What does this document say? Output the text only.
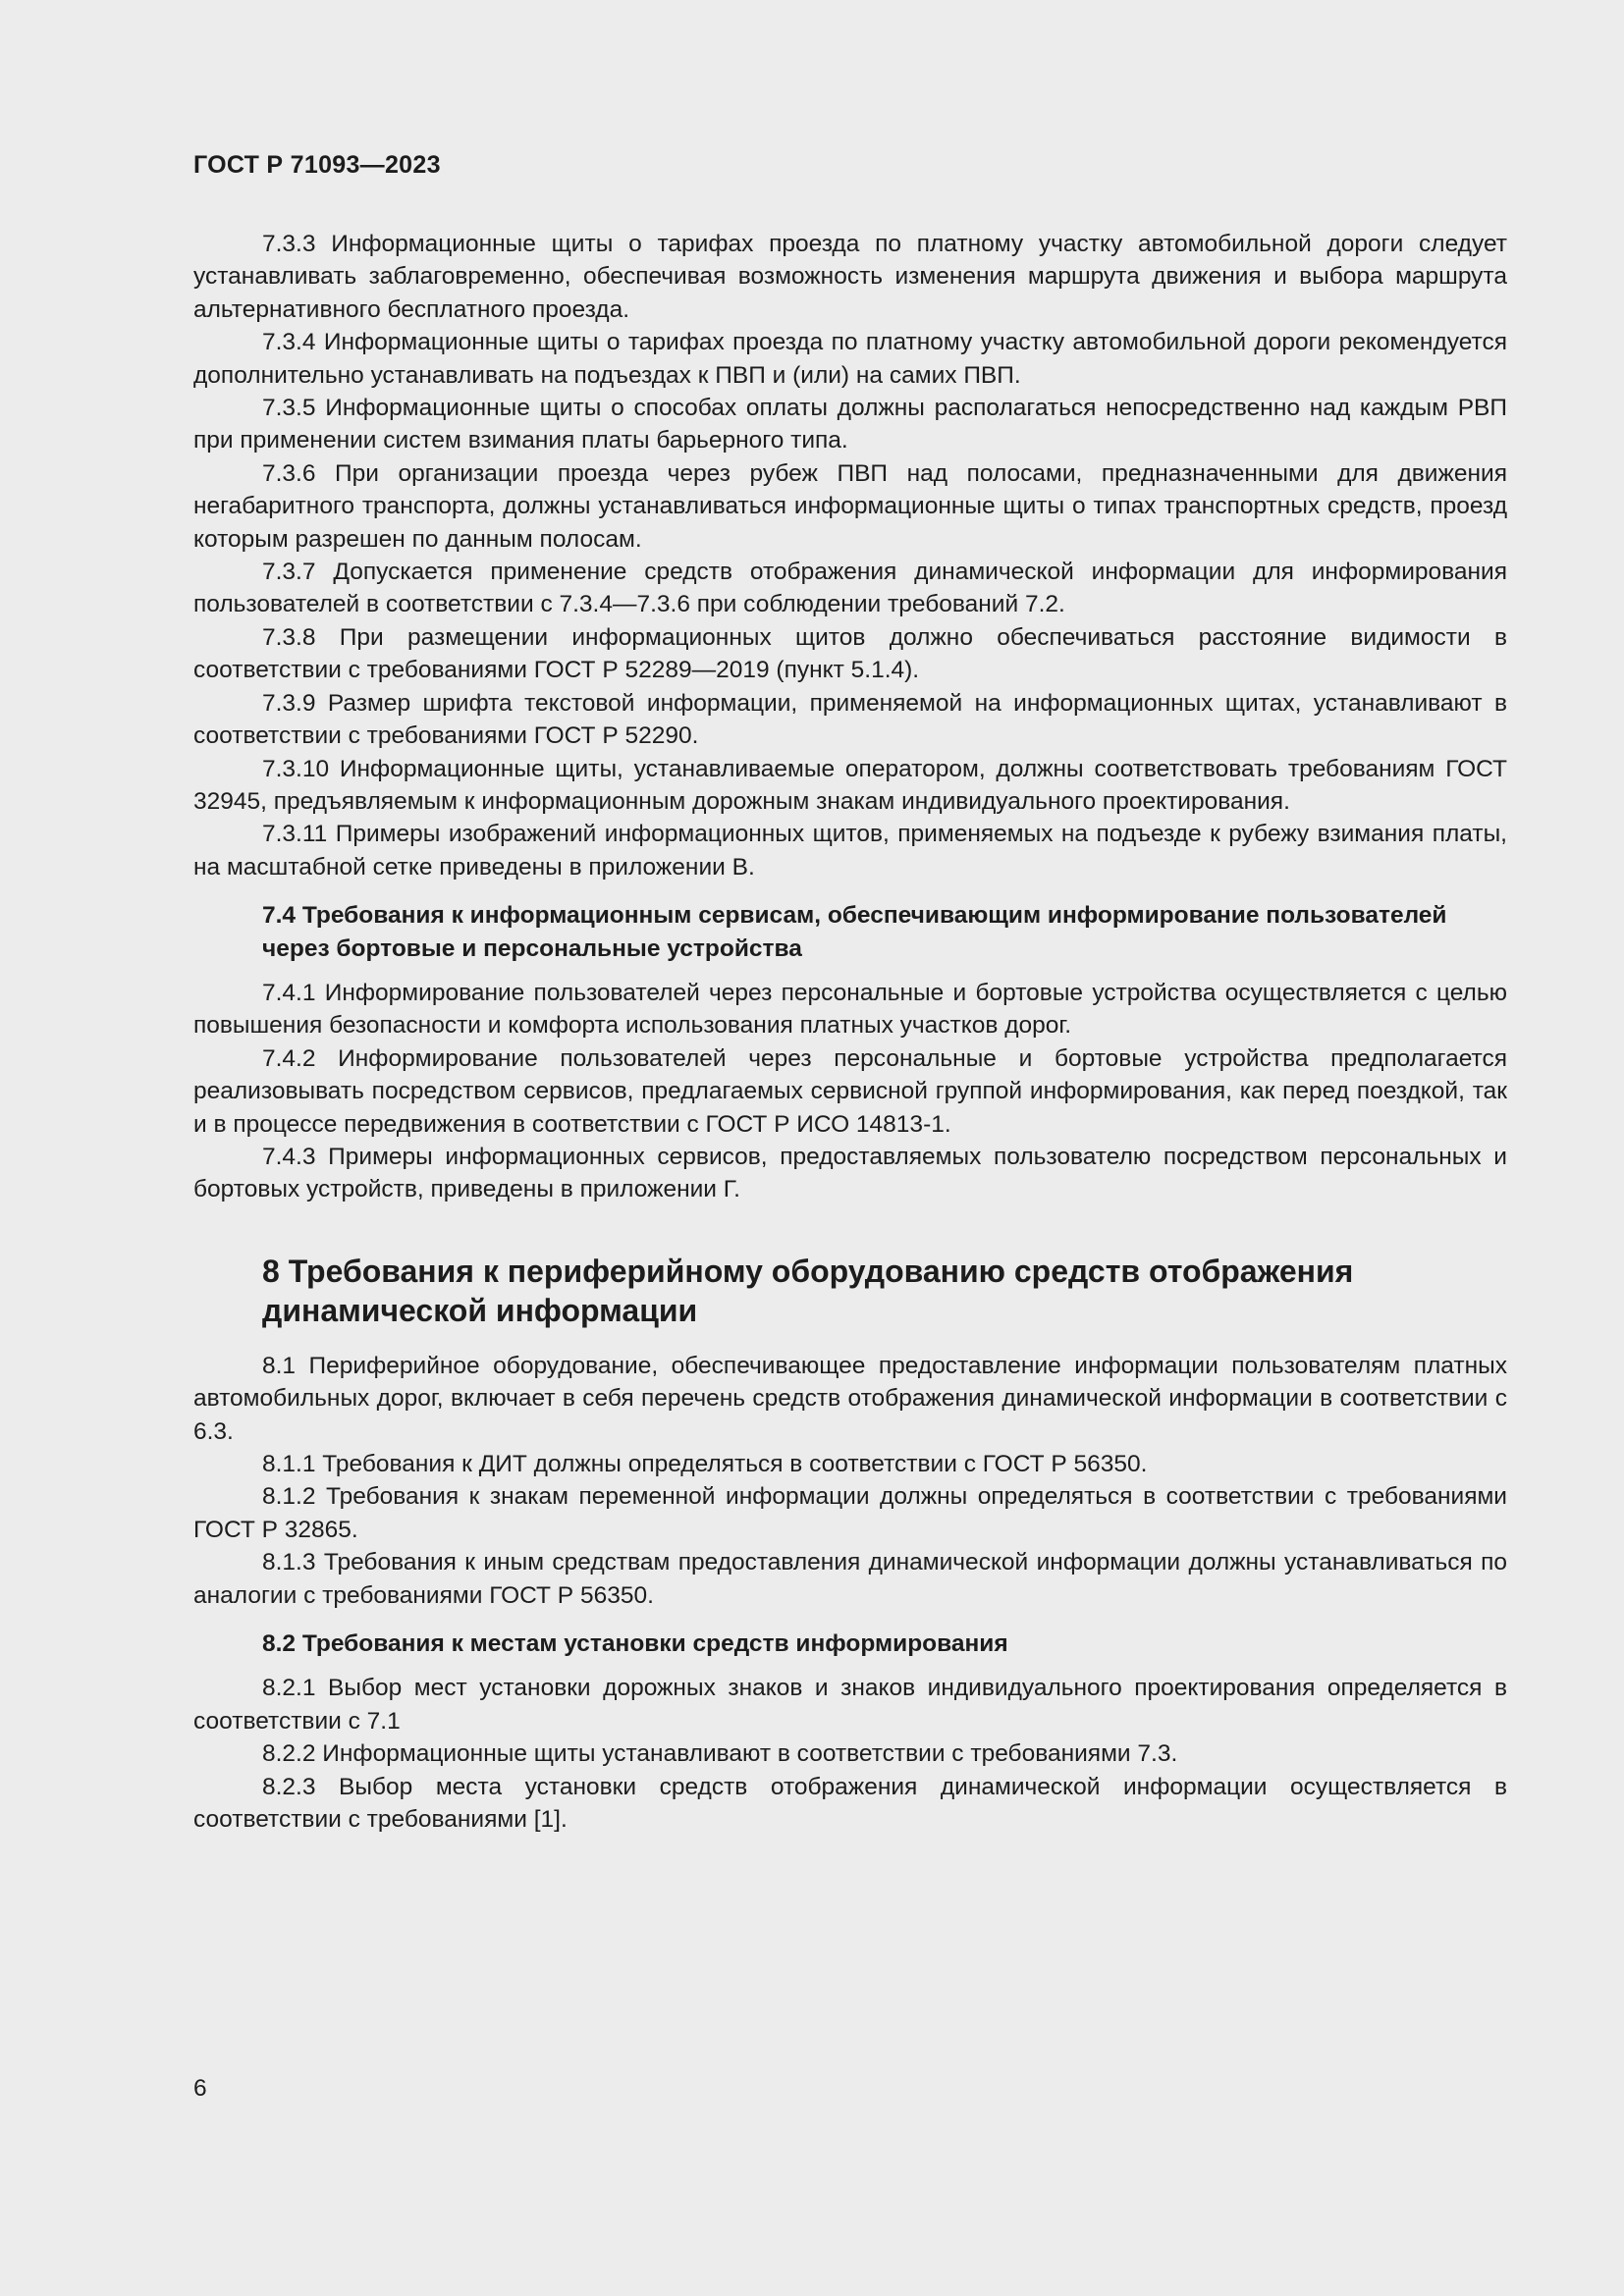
ГОСТ Р 71093—2023

7.3.3 Информационные щиты о тарифах проезда по платному участку автомобильной дороги следует устанавливать заблаговременно, обеспечивая возможность изменения маршрута движения и выбора маршрута альтернативного бесплатного проезда.

7.3.4 Информационные щиты о тарифах проезда по платному участку автомобильной дороги рекомендуется дополнительно устанавливать на подъездах к ПВП и (или) на самих ПВП.

7.3.5 Информационные щиты о способах оплаты должны располагаться непосредственно над каждым РВП при применении систем взимания платы барьерного типа.

7.3.6 При организации проезда через рубеж ПВП над полосами, предназначенными для движения негабаритного транспорта, должны устанавливаться информационные щиты о типах транспортных средств, проезд которым разрешен по данным полосам.

7.3.7 Допускается применение средств отображения динамической информации для информирования пользователей в соответствии с 7.3.4—7.3.6 при соблюдении требований 7.2.

7.3.8 При размещении информационных щитов должно обеспечиваться расстояние видимости в соответствии с требованиями ГОСТ Р 52289—2019 (пункт 5.1.4).

7.3.9 Размер шрифта текстовой информации, применяемой на информационных щитах, устанавливают в соответствии с требованиями ГОСТ Р 52290.

7.3.10 Информационные щиты, устанавливаемые оператором, должны соответствовать требованиям ГОСТ 32945, предъявляемым к информационным дорожным знакам индивидуального проектирования.

7.3.11 Примеры изображений информационных щитов, применяемых на подъезде к рубежу взимания платы, на масштабной сетке приведены в приложении В.

7.4 Требования к информационным сервисам, обеспечивающим информирование пользователей через бортовые и персональные устройства

7.4.1 Информирование пользователей через персональные и бортовые устройства осуществляется с целью повышения безопасности и комфорта использования платных участков дорог.

7.4.2 Информирование пользователей через персональные и бортовые устройства предполагается реализовывать посредством сервисов, предлагаемых сервисной группой информирования, как перед поездкой, так и в процессе передвижения в соответствии с ГОСТ Р ИСО 14813-1.

7.4.3 Примеры информационных сервисов, предоставляемых пользователю посредством персональных и бортовых устройств, приведены в приложении Г.

8 Требования к периферийному оборудованию средств отображения динамической информации

8.1 Периферийное оборудование, обеспечивающее предоставление информации пользователям платных автомобильных дорог, включает в себя перечень средств отображения динамической информации в соответствии с 6.3.

8.1.1 Требования к ДИТ должны определяться в соответствии с ГОСТ Р 56350.

8.1.2 Требования к знакам переменной информации должны определяться в соответствии с требованиями ГОСТ Р 32865.

8.1.3 Требования к иным средствам предоставления динамической информации должны устанавливаться по аналогии с требованиями ГОСТ Р 56350.

8.2 Требования к местам установки средств информирования

8.2.1 Выбор мест установки дорожных знаков и знаков индивидуального проектирования определяется в соответствии с 7.1

8.2.2 Информационные щиты устанавливают в соответствии с требованиями 7.3.

8.2.3 Выбор места установки средств отображения динамической информации осуществляется в соответствии с требованиями [1].

6
